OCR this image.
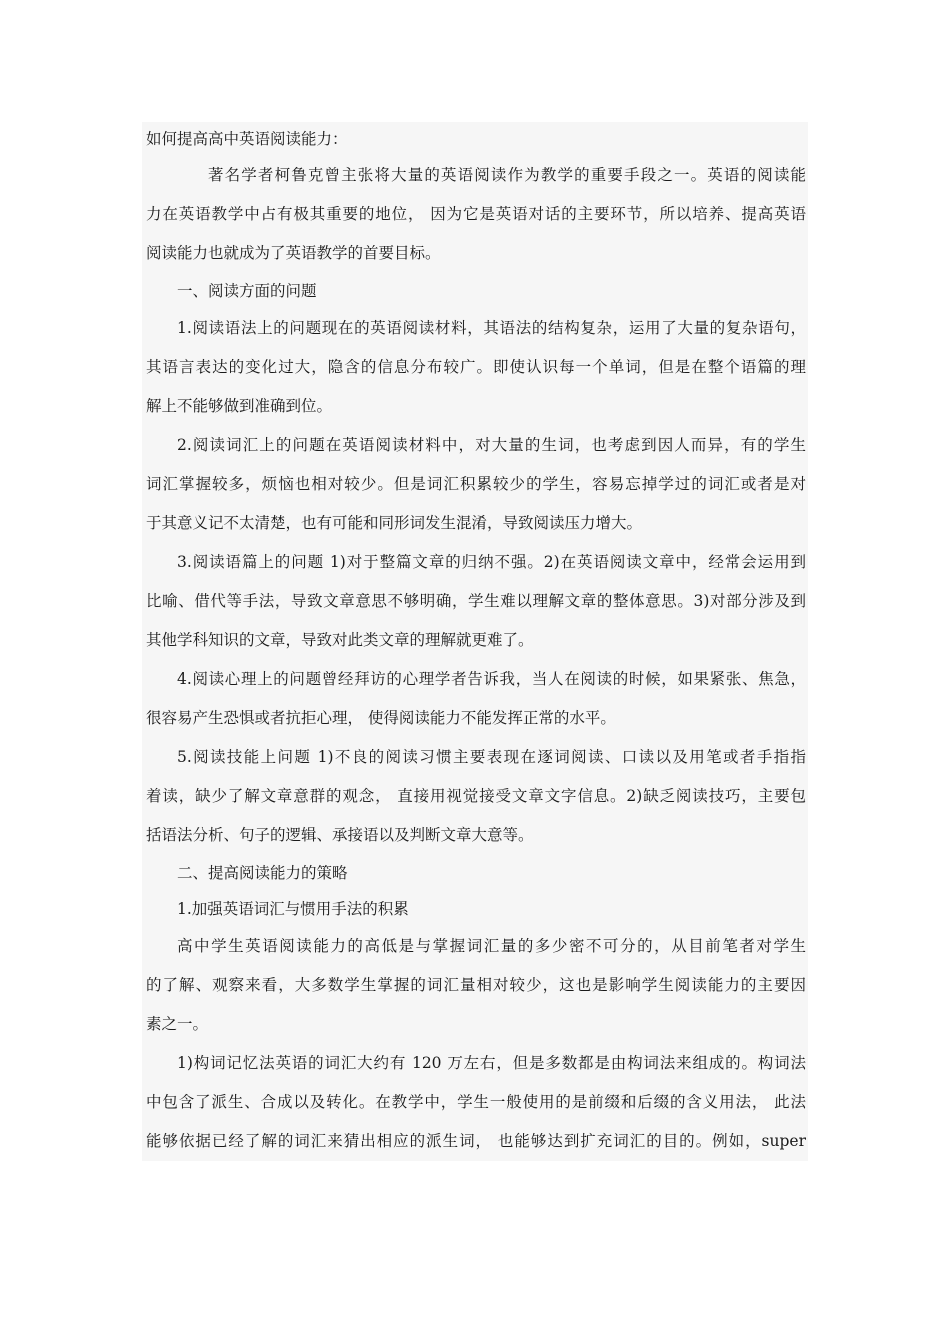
如何提高高中英语阅读能力：

著名学者柯鲁克曾主张将大量的英语阅读作为教学的重要手段之一。英语的阅读能
力在英语教学中占有极其重要的地位， 因为它是英语对话的主要环节，所以培养、提高英语
阅读能力也就成为了英语教学的首要目标。

一、阅读方面的问题

1.阅读语法上的问题现在的英语阅读材料，其语法的结构复杂，运用了大量的复杂语句，
其语言表达的变化过大，隐含的信息分布较广。即使认识每一个单词，但是在整个语篇的理
解上不能够做到准确到位。

2.阅读词汇上的问题在英语阅读材料中，对大量的生词，也考虑到因人而异，有的学生
词汇掌握较多，烦恼也相对较少。但是词汇积累较少的学生，容易忘掉学过的词汇或者是对
于其意义记不太清楚，也有可能和同形词发生混淆，导致阅读压力增大。

3.阅读语篇上的问题 1)对于整篇文章的归纳不强。2)在英语阅读文章中，经常会运用到
比喻、借代等手法，导致文章意思不够明确，学生难以理解文章的整体意思。3)对部分涉及到
其他学科知识的文章，导致对此类文章的理解就更难了。

4.阅读心理上的问题曾经拜访的心理学者告诉我，当人在阅读的时候，如果紧张、焦急，
很容易产生恐惧或者抗拒心理， 使得阅读能力不能发挥正常的水平。

5.阅读技能上问题 1)不良的阅读习惯主要表现在逐词阅读、口读以及用笔或者手指指
着读，缺少了解文章意群的观念， 直接用视觉接受文章文字信息。2)缺乏阅读技巧，主要包
括语法分析、句子的逻辑、承接语以及判断文章大意等。

二、提高阅读能力的策略

1.加强英语词汇与惯用手法的积累

高中学生英语阅读能力的高低是与掌握词汇量的多少密不可分的，从目前笔者对学生
的了解、观察来看，大多数学生掌握的词汇量相对较少，这也是影响学生阅读能力的主要因
素之一。

1)构词记忆法英语的词汇大约有 120 万左右，但是多数都是由构词法来组成的。构词法
中包含了派生、合成以及转化。在教学中，学生一般使用的是前缀和后缀的含义用法， 此法
能够依据已经了解的词汇来猜出相应的派生词， 也能够达到扩充词汇的目的。例如，super
